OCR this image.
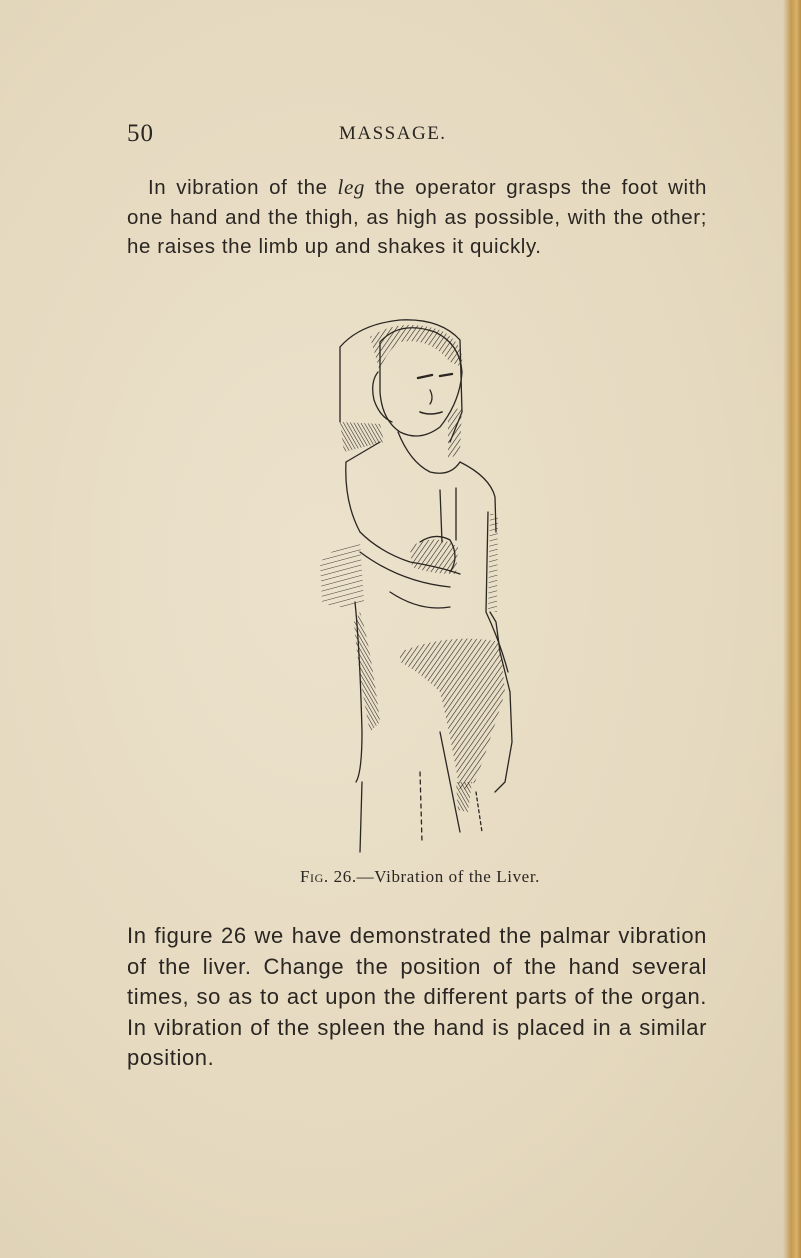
50	MASSAGE.

In vibration of the leg the operator grasps the foot with one hand and the thigh, as high as possible, with the other; he raises the limb up and shakes it quickly.

Fig. 26.—Vibration of the Liver.

In figure 26 we have demonstrated the palmar vibration of the liver. Change the position of the hand several times, so as to act upon the different parts of the organ. In vibration of the spleen the hand is placed in a similar position.
